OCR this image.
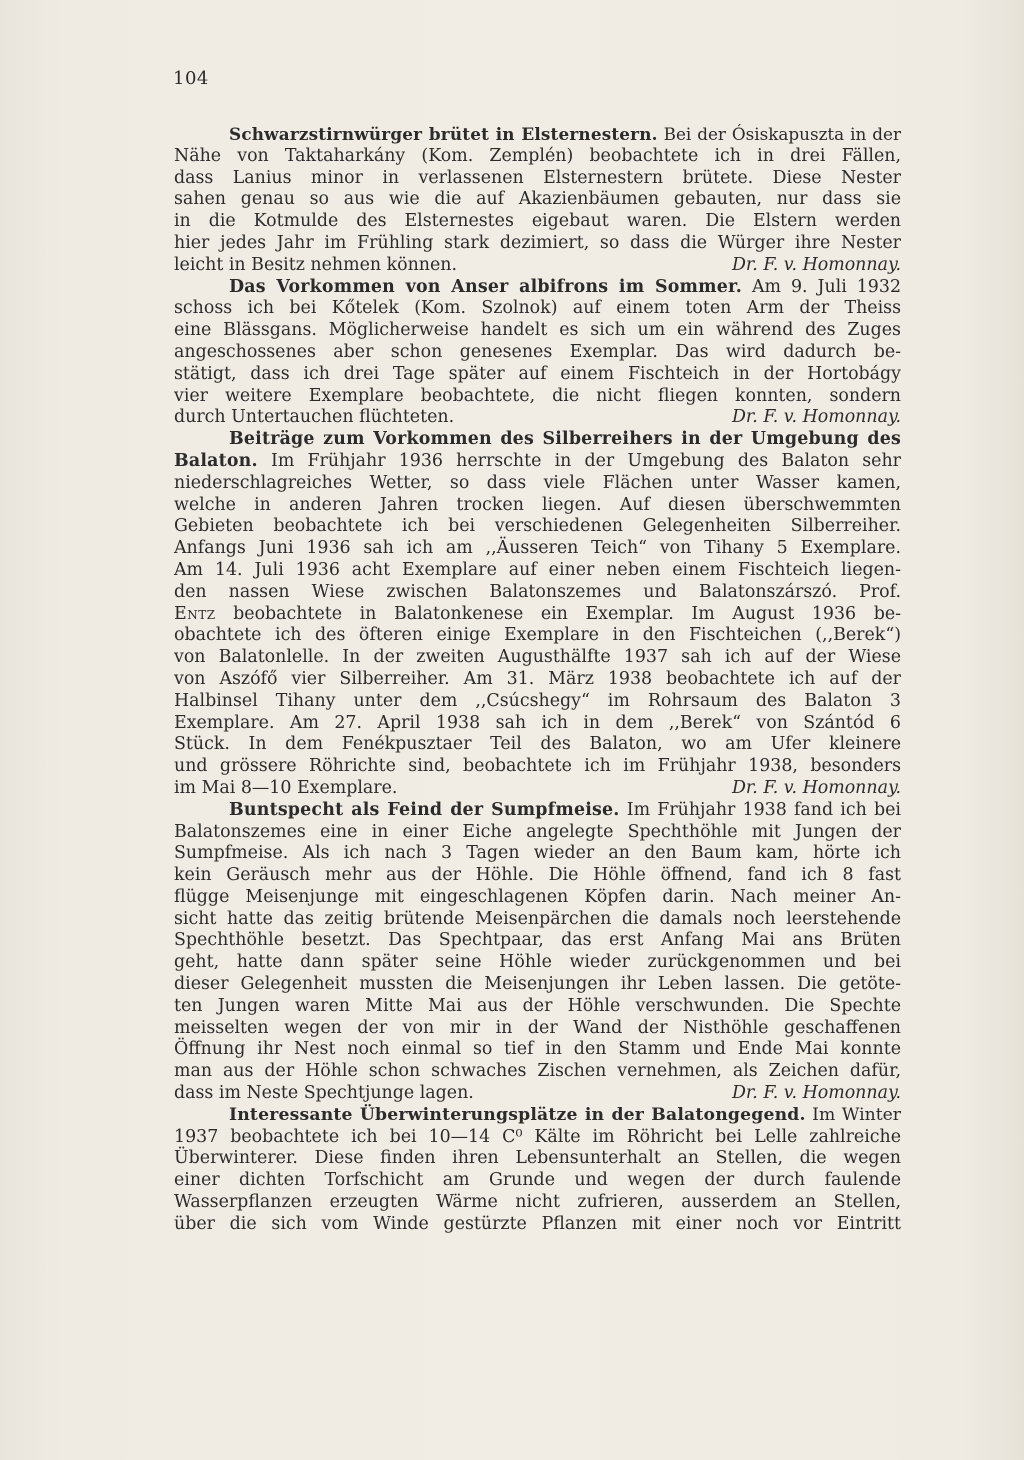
104
Schwarzstirnwürger brütet in Elsternestern. Bei der Ósiskapuszta in der
Nähe von Taktaharkány (Kom. Zemplén) beobachtete ich in drei Fällen,
dass Lanius minor in verlassenen Elsternestern brütete. Diese Nester
sahen genau so aus wie die auf Akazienbäumen gebauten, nur dass sie
in die Kotmulde des Elsternestes eigebaut waren. Die Elstern werden
hier jedes Jahr im Frühling stark dezimiert, so dass die Würger ihre Nester
leicht in Besitz nehmen können.	Dr. F. v. Homonnay.
Das Vorkommen von Anser albifrons im Sommer. Am 9. Juli 1932
schoss ich bei Kőtelek (Kom. Szolnok) auf einem toten Arm der Theiss
eine Blässgans. Möglicherweise handelt es sich um ein während des Zuges
angeschossenes aber schon genesenes Exemplar. Das wird dadurch be-
stätigt, dass ich drei Tage später auf einem Fischteich in der Hortobágy
vier weitere Exemplare beobachtete, die nicht fliegen konnten, sondern
durch Untertauchen flüchteten.	Dr. F. v. Homonnay.
Beiträge zum Vorkommen des Silberreihers in der Umgebung des
Balaton. Im Frühjahr 1936 herrschte in der Umgebung des Balaton sehr
niederschlagreiches Wetter, so dass viele Flächen unter Wasser kamen,
welche in anderen Jahren trocken liegen. Auf diesen überschwemmten
Gebieten beobachtete ich bei verschiedenen Gelegenheiten Silberreiher.
Anfangs Juni 1936 sah ich am ,,Äusseren Teich“ von Tihany 5 Exemplare.
Am 14. Juli 1936 acht Exemplare auf einer neben einem Fischteich liegen-
den nassen Wiese zwischen Balatonszemes und Balatonszárszó. Prof.
Entz beobachtete in Balatonkenese ein Exemplar. Im August 1936 be-
obachtete ich des öfteren einige Exemplare in den Fischteichen (,,Berek“)
von Balatonlelle. In der zweiten Augusthälfte 1937 sah ich auf der Wiese
von Aszófő vier Silberreiher. Am 31. März 1938 beobachtete ich auf der
Halbinsel Tihany unter dem ,,Csúcshegy“ im Rohrsaum des Balaton 3
Exemplare. Am 27. April 1938 sah ich in dem ,,Berek“ von Szántód 6
Stück. In dem Fenékpusztaer Teil des Balaton, wo am Ufer kleinere
und grössere Röhrichte sind, beobachtete ich im Frühjahr 1938, besonders
im Mai 8—10 Exemplare.	Dr. F. v. Homonnay.
Buntspecht als Feind der Sumpfmeise. Im Frühjahr 1938 fand ich bei
Balatonszemes eine in einer Eiche angelegte Spechthöhle mit Jungen der
Sumpfmeise. Als ich nach 3 Tagen wieder an den Baum kam, hörte ich
kein Geräusch mehr aus der Höhle. Die Höhle öffnend, fand ich 8 fast
flügge Meisenjunge mit eingeschlagenen Köpfen darin. Nach meiner An-
sicht hatte das zeitig brütende Meisenpärchen die damals noch leerstehende
Spechthöhle besetzt. Das Spechtpaar, das erst Anfang Mai ans Brüten
geht, hatte dann später seine Höhle wieder zurückgenommen und bei
dieser Gelegenheit mussten die Meisenjungen ihr Leben lassen. Die getöte-
ten Jungen waren Mitte Mai aus der Höhle verschwunden. Die Spechte
meisselten wegen der von mir in der Wand der Nisthöhle geschaffenen
Öffnung ihr Nest noch einmal so tief in den Stamm und Ende Mai konnte
man aus der Höhle schon schwaches Zischen vernehmen, als Zeichen dafür,
dass im Neste Spechtjunge lagen.	Dr. F. v. Homonnay.
Interessante Überwinterungsplätze in der Balatongegend. Im Winter
1937 beobachtete ich bei 10—14 C⁰ Kälte im Röhricht bei Lelle zahlreiche
Überwinterer. Diese finden ihren Lebensunterhalt an Stellen, die wegen
einer dichten Torfschicht am Grunde und wegen der durch faulende
Wasserpflanzen erzeugten Wärme nicht zufrieren, ausserdem an Stellen,
über die sich vom Winde gestürzte Pflanzen mit einer noch vor Eintritt
